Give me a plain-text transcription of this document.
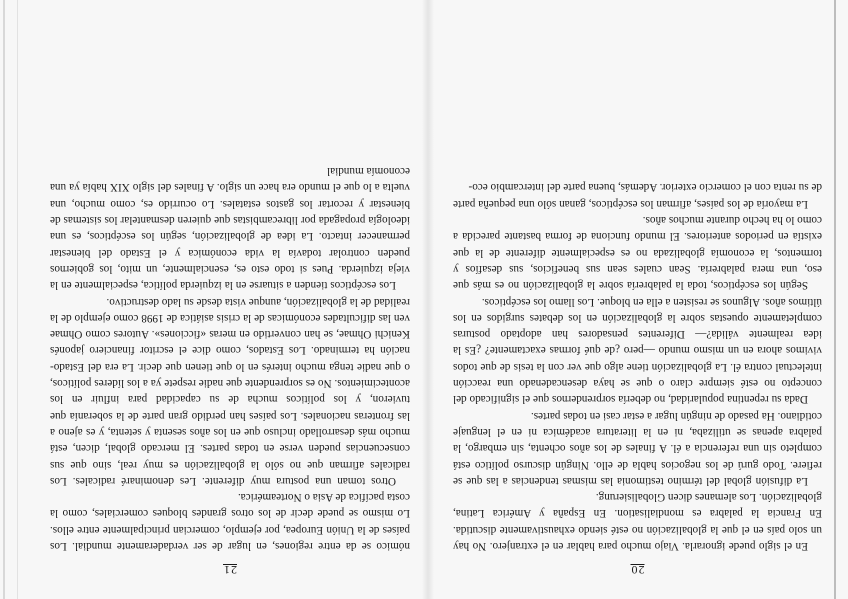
20

En el siglo puede ignorarla. Viajo mucho para hablar en el extranjero. No hay un solo país en el que la globalización no esté siendo exhaustivamente discutida. En Francia la palabra es mondialisation. En España y América Latina, globalización. Los alemanes dicen Globalisierung.

La difusión global del término testimonia las mismas tendencias a las que se refiere. Todo gurú de los negocios habla de ello. Ningún discurso político está completo sin una referencia a él. A finales de los años ochenta, sin embargo, la palabra apenas se utilizaba, ni en la literatura académica ni en el lenguaje cotidiano. Ha pasado de ningún lugar a estar casi en todas partes.

Dada su repentina popularidad, no debería sorprendernos que el significado del concepto no esté siempre claro o que se haya desencadenado una reacción intelectual contra él. La globalización tiene algo que ver con la tesis de que todos vivimos ahora en un mismo mundo —pero ¿de qué formas exactamente? ¿Es la idea realmente válida?— Diferentes pensadores han adoptado posturas completamente opuestas sobre la globalización en los debates surgidos en los últimos años. Algunos se resisten a ella en bloque. Los llamo los escépticos.

Según los escépticos, toda la palabrería sobre la globalización no es más que eso, una mera palabrería. Sean cuales sean sus beneficios, sus desafíos y tormentos, la economía globalizada no es especialmente diferente de la que existía en periodos anteriores. El mundo funciona de forma bastante parecida a como lo ha hecho durante muchos años.

La mayoría de los países, afirman los escépticos, ganan sólo una pequeña parte de su renta con el comercio exterior. Además, buena parte del intercambio eco-

21

nómico se da entre regiones, en lugar de ser verdaderamente mundial. Los países de la Unión Europea, por ejemplo, comercian principalmente entre ellos. Lo mismo se puede decir de los otros grandes bloques comerciales, como la costa pacífica de Asia o Norteamérica.

Otros toman una postura muy diferente. Les denominaré radicales. Los radicales afirman que no sólo la globalización es muy real, sino que sus consecuencias pueden verse en todas partes. El mercado global, dicen, está mucho más desarrollado incluso que en los años sesenta y setenta, y es ajeno a las fronteras nacionales. Los países han perdido gran parte de la soberanía que tuvieron, y los políticos mucha de su capacidad para influir en los acontecimientos. No es sorprendente que nadie respete ya a los líderes políticos, o que nadie tenga mucho interés en lo que tienen que decir. La era del Estado-nación ha terminado. Los Estados, como dice el escritor financiero japonés Kenichi Ohmae, se han convertido en meras «ficciones». Autores como Ohmae ven las dificultades económicas de la crisis asiática de 1998 como ejemplo de la realidad de la globalización, aunque vista desde su lado destructivo.

Los escépticos tienden a situarse en la izquierda política, especialmente en la vieja izquierda. Pues si todo esto es, esencialmente, un mito, los gobiernos pueden controlar todavía la vida económica y el Estado del bienestar permanecer intacto. La idea de globalización, según los escépticos, es una ideología propagada por librecambistas que quieren desmantelar los sistemas de bienestar y recortar los gastos estatales. Lo ocurrido es, como mucho, una vuelta a lo que el mundo era hace un siglo. A finales del siglo XIX había ya una economía mundial
